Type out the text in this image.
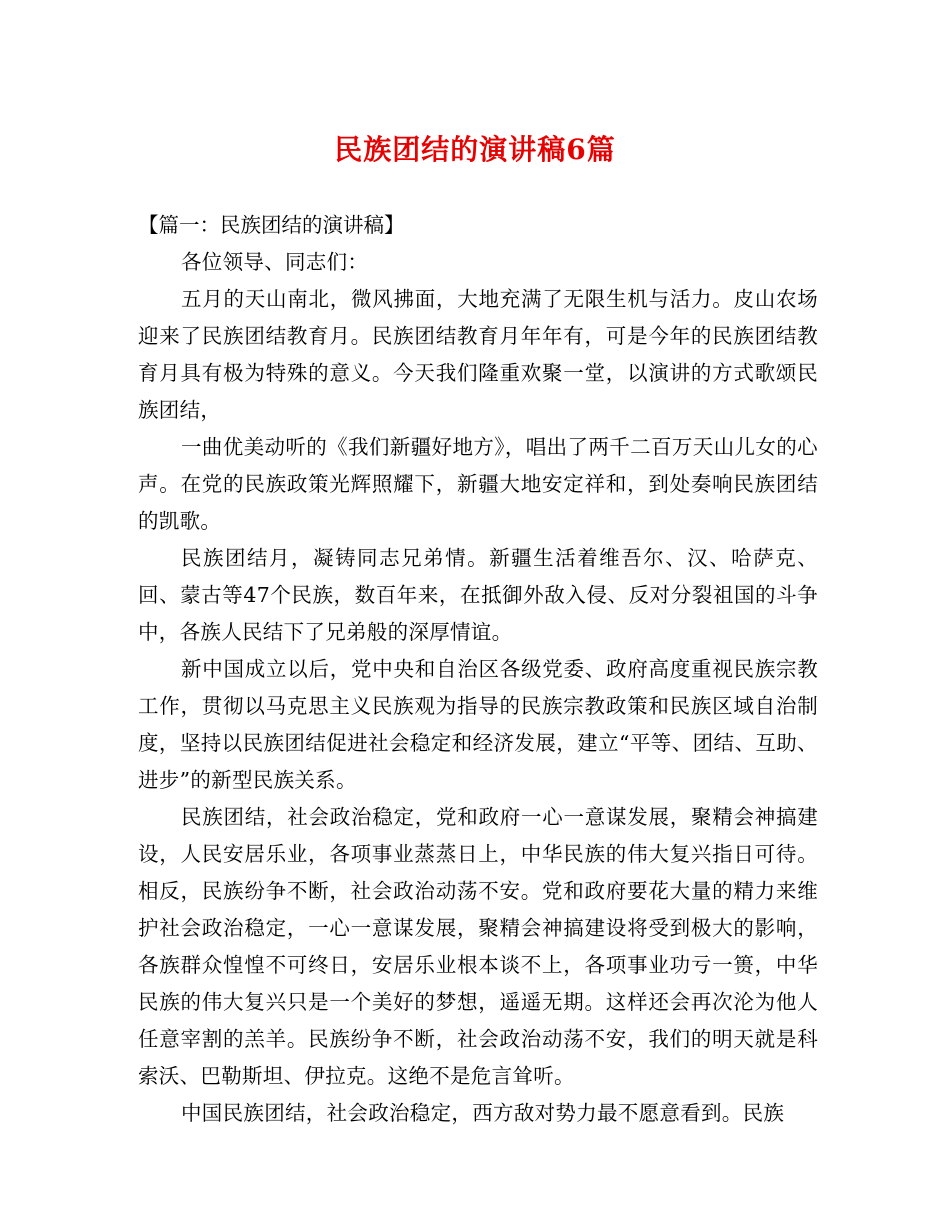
民族团结的演讲稿6篇

【篇一：民族团结的演讲稿】

各位领导、同志们：

五月的天山南北，微风拂面，大地充满了无限生机与活力。皮山农场迎来了民族团结教育月。民族团结教育月年年有，可是今年的民族团结教育月具有极为特殊的意义。今天我们隆重欢聚一堂，以演讲的方式歌颂民族团结，

一曲优美动听的《我们新疆好地方》，唱出了两千二百万天山儿女的心声。在党的民族政策光辉照耀下，新疆大地安定祥和，到处奏响民族团结的凯歌。

民族团结月，凝铸同志兄弟情。新疆生活着维吾尔、汉、哈萨克、回、蒙古等47个民族，数百年来，在抵御外敌入侵、反对分裂祖国的斗争中，各族人民结下了兄弟般的深厚情谊。

新中国成立以后，党中央和自治区各级党委、政府高度重视民族宗教工作，贯彻以马克思主义民族观为指导的民族宗教政策和民族区域自治制度，坚持以民族团结促进社会稳定和经济发展，建立“平等、团结、互助、进步”的新型民族关系。

民族团结，社会政治稳定，党和政府一心一意谋发展，聚精会神搞建设，人民安居乐业，各项事业蒸蒸日上，中华民族的伟大复兴指日可待。相反，民族纷争不断，社会政治动荡不安。党和政府要花大量的精力来维护社会政治稳定，一心一意谋发展，聚精会神搞建设将受到极大的影响，各族群众惶惶不可终日，安居乐业根本谈不上，各项事业功亏一篑，中华民族的伟大复兴只是一个美好的梦想，遥遥无期。这样还会再次沦为他人任意宰割的羔羊。民族纷争不断，社会政治动荡不安，我们的明天就是科索沃、巴勒斯坦、伊拉克。这绝不是危言耸听。

中国民族团结，社会政治稳定，西方敌对势力最不愿意看到。民族
